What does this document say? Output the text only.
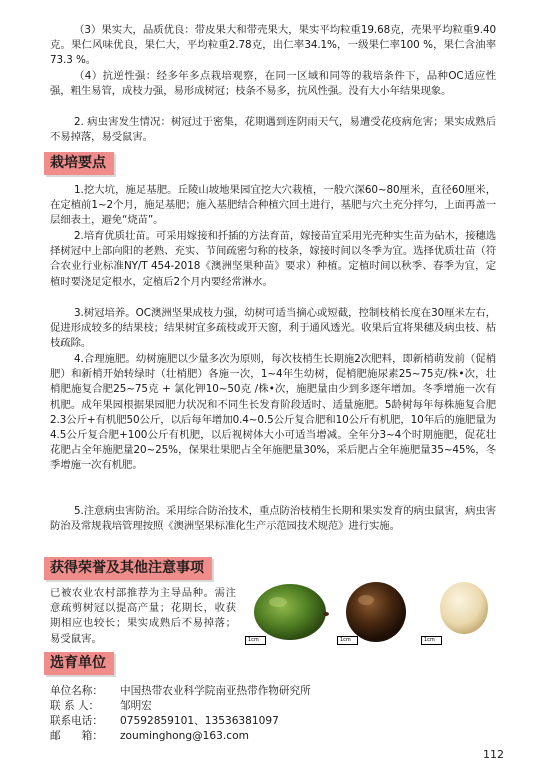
（3）果实大，品质优良：带皮果大和带壳果大，果实平均粒重19.68克，壳果平均粒重9.40克。果仁风味优良，果仁大，平均粒重2.78克，出仁率34.1%，一级果仁率100 %，果仁含油率73.3 %。

（4）抗逆性强：经多年多点栽培观察，在同一区域和同等的栽培条件下，品种OC适应性强，粗生易管，成枝力强，易形成树冠；枝条不易多，抗风性强。没有大小年结果现象。

2. 病虫害发生情况：树冠过于密集，花期遇到连阴雨天气，易遭受花疫病危害；果实成熟后不易掉落，易受鼠害。

栽培要点

1.挖大坑，施足基肥。丘陵山坡地果园宜挖大穴栽植，一般穴深60~80厘米，直径60厘米，在定植前1~2个月，施足基肥；施入基肥结合种植穴回土进行，基肥与穴土充分拌匀，上面再盖一层细表土，避免“烧苗”。

2.培育优质壮苗。可采用嫁接和扦插的方法育苗，嫁接苗宜采用光壳种实生苗为砧木，接穗选择树冠中上部向阳的老熟、充实、节间疏密匀称的枝条，嫁接时间以冬季为宜。选择优质壮苗（符合农业行业标准NY/T 454-2018《澳洲坚果种苗》要求）种植。定植时间以秋季、春季为宜，定植时要浇足定根水，定植后2个月内要经常淋水。

3.树冠培养。OC澳洲坚果成枝力强，幼树可适当摘心或短截，控制枝梢长度在30厘米左右，促进形成较多的结果枝；结果树宜多疏枝或开天窗，利于通风透光。收果后宜将果穗及病虫枝、枯枝疏除。

4.合理施肥。幼树施肥以少量多次为原则，每次枝梢生长期施2次肥料，即新梢萌发前（促梢肥）和新梢开始转绿时（壮梢肥）各施一次，1~4年生幼树，促梢肥施尿素25~75克/株•次，壮梢肥施复合肥25~75克 + 氯化钾10~50克 /株•次，施肥量由少到多逐年增加。冬季增施一次有机肥。成年果园根据果园肥力状况和不同生长发育阶段适时、适量施肥。5龄树每年每株施复合肥2.3公斤+有机肥50公斤，以后每年增加0.4~0.5公斤复合肥和10公斤有机肥，10年后的施肥量为4.5公斤复合肥+100公斤有机肥，以后视树体大小可适当增减。全年分3~4个时期施肥，促花壮花肥占全年施肥量20~25%，保果壮果肥占全年施肥量30%，采后肥占全年施肥量35~45%，冬季增施一次有机肥。

5.注意病虫害防治。采用综合防治技术，重点防治枝梢生长期和果实发育的病虫鼠害，病虫害防治及常规栽培管理按照《澳洲坚果标准化生产示范园技术规范》进行实施。

获得荣誉及其他注意事项

已被农业农村部推荐为主导品种。需注意疏剪树冠以提高产量；花期长，收获期相应也较长；果实成熟后不易掉落；易受鼠害。	1cm	1cm	1cm
选育单位
单位名称： 中国热带农业科学院南亚热带作物研究所
联 系 人： 邹明宏
联系电话： 07592859101、13536381097
邮　　箱： zouminghong@163.com
112
